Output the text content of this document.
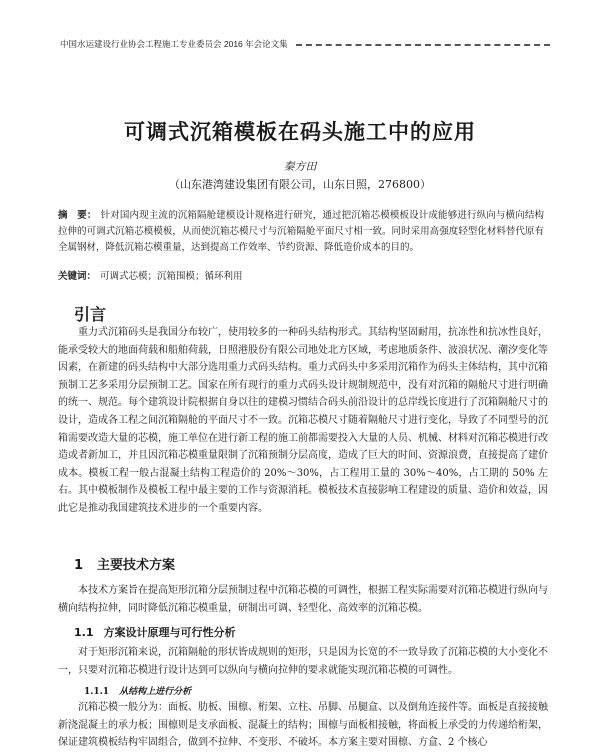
中国水运建设行业协会工程施工专业委员会 2016 年会论文集
可调式沉箱模板在码头施工中的应用
秦方田
（山东港湾建设集团有限公司，山东日照，276800）
摘　要： 针对国内现主流的沉箱隔舱建模设计规格进行研究，通过把沉箱芯模模板设计成能够进行纵向与横向结构拉伸的可调式沉箱芯模模板，从而使沉箱芯模尺寸与沉箱隔舱平面尺寸相一致。同时采用高强度轻型化材料替代原有全属钢材，降低沉箱芯模重量，达到提高工作效率、节约资源、降低造价成本的目的。
关键词： 可调式芯模；沉箱围模；循环利用
引言
重力式沉箱码头是我国分布较广，使用较多的一种码头结构形式。其结构坚固耐用，抗冻性和抗冰性良好，能承受较大的地面荷载和船舶荷载，日照港股份有限公司地处北方区域，考虑地质条件、波浪状况、潮汐变化等因素，在新建的码头结构中大部分选用重力式码头结构。重力式码头中多采用沉箱作为码头主体结构，其中沉箱预制工艺多采用分层预制工艺。国家在所有现行的重力式码头设计规制规范中，没有对沉箱的隔舱尺寸进行明确的统一、规范。每个建筑设计院根据自身以往的建模习惯结合码头前沿设计的总岸线长度进行了沉箱隔舱尺寸的设计，造成各工程之间沉箱隔舱的平面尺寸不一致。沉箱芯模尺寸随着隔舱尺寸进行变化，导致了不同型号的沉箱需要改造大量的芯模，施工单位在进行新工程的施工前都需要投入大量的人员、机械、材料对沉箱芯模进行改造或者新加工，并且因沉箱芯模重量限制了沉箱预制分层高度，造成了巨大的时间、资源浪费，直接提高了建价成本。模板工程一般占混凝土结构工程造价的 20%～30%，占工程用工量的 30%～40%，占工期的 50% 左右。其中模板制作及模板工程中最主要的工作与资源消耗。模板技术直接影响工程建设的质量、造价和效益，因此它是推动我国建筑技术进步的一个重要内容。
1 主要技术方案
本技术方案旨在提高矩形沉箱分层预制过程中沉箱芯模的可调性，根据工程实际需要对沉箱芯模进行纵向与横向结构拉伸，同时降低沉箱芯模重量，研制出可调、轻型化、高效率的沉箱芯模。
1.1 方案设计原理与可行性分析
对于矩形沉箱来说，沉箱隔舱的形状皆成规则的矩形，只是因为长宽的不一致导致了沉箱芯模的大小变化不一，只要对沉箱芯模进行设计达到可以纵向与横向拉伸的要求就能实现沉箱芯模的可调性。
1.1.1 从结构上进行分析
沉箱芯模一般分为：面板、肋板、围檩、桁架、立柱、吊脚、吊腿盒、以及倒角连接件等。面板是直接接触新浇混凝土的承力板；围檩则是支承面板、混凝土的结构；围檩与面板相接触，将面板上承受的力传递给桁架，保证建筑模板结构牢固组合，做到不拉伸、不变形、不破坏。本方案主要对围檩、方盒、2 个核心
